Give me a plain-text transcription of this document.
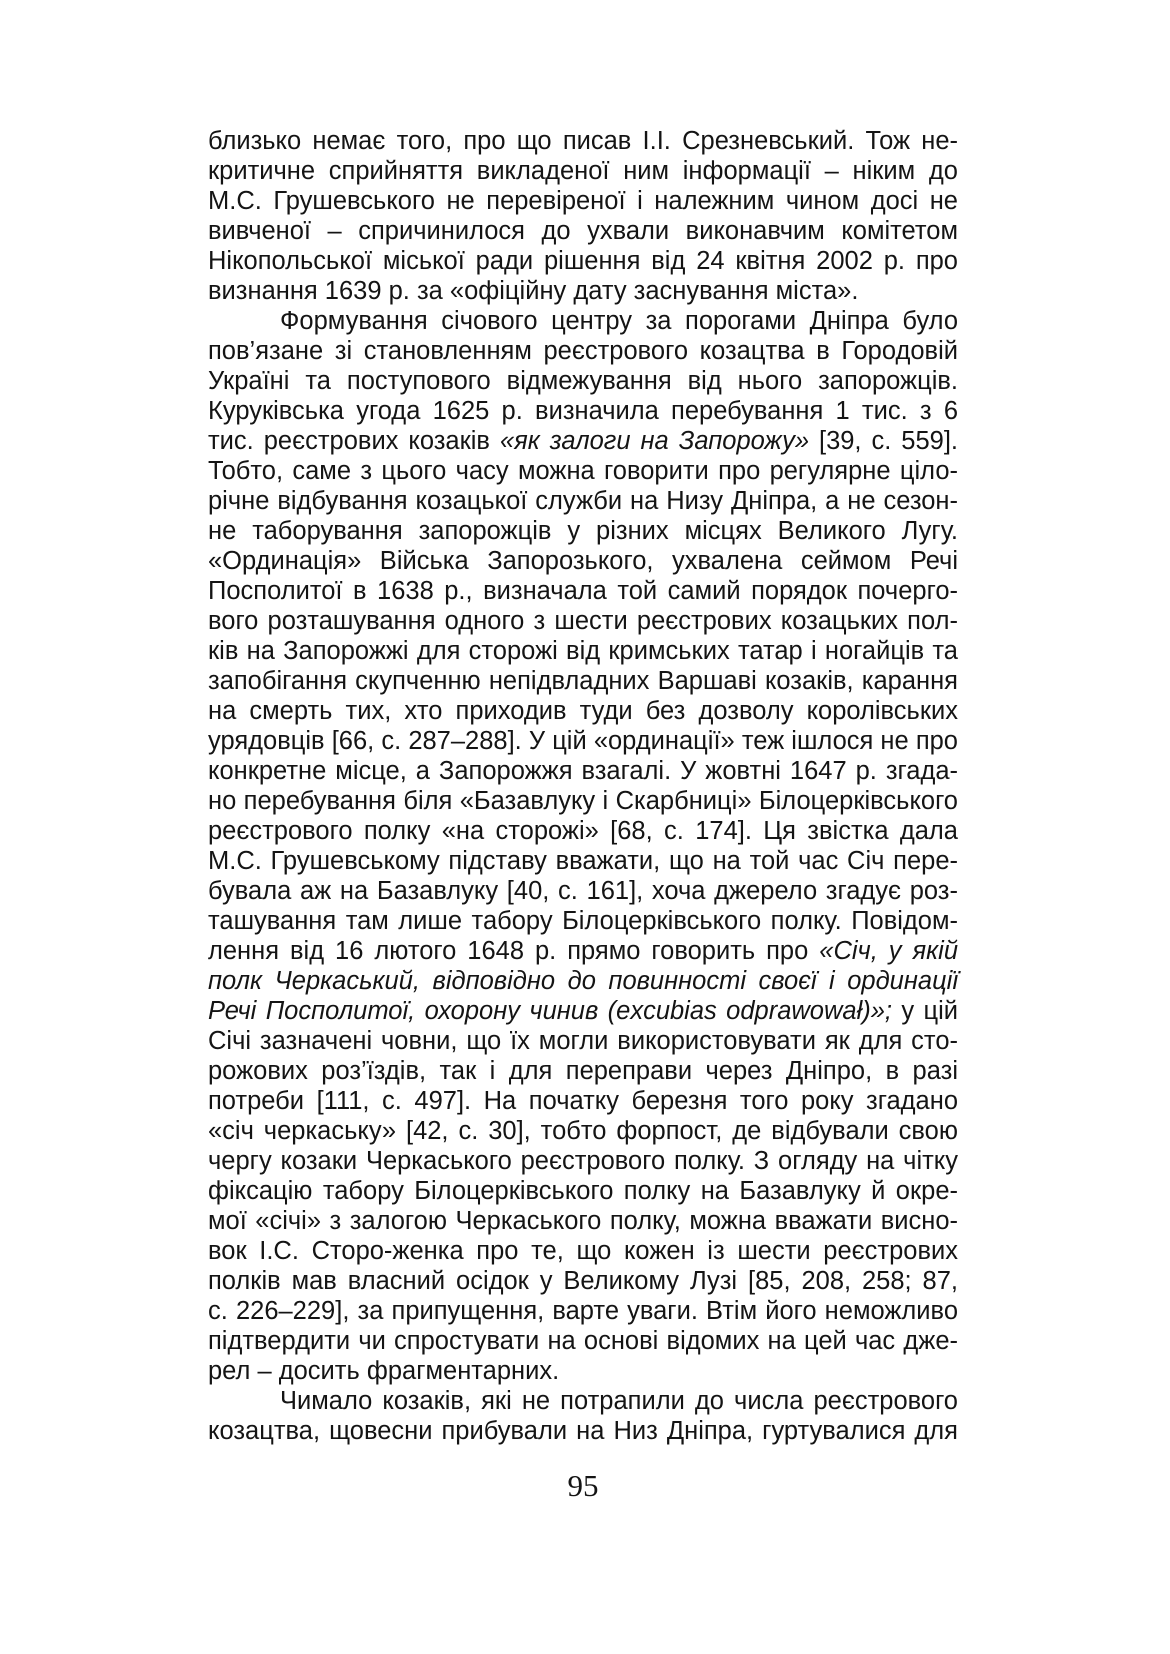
близько немає того, про що писав І.І. Срезневський. Тож не-
критичне сприйняття викладеної ним інформації – ніким до
М.С. Грушевського не перевіреної і належним чином досі не
вивченої – спричинилося до ухвали виконавчим комітетом
Нікопольської міської ради рішення від 24 квітня 2002 р. про
визнання 1639 р. за «офіційну дату заснування міста».
Формування січового центру за порогами Дніпра було
пов’язане зі становленням реєстрового козацтва в Городовій
Україні та поступового відмежування від нього запорожців.
Куруківська угода 1625 р. визначила перебування 1 тис. з 6
тис. реєстрових козаків «як залоги на Запорожу» [39, с. 559].
Тобто, саме з цього часу можна говорити про регулярне ціло-
річне відбування козацької служби на Низу Дніпра, а не сезон-
не таборування запорожців у різних місцях Великого Лугу.
«Ординація» Війська Запорозького, ухвалена сеймом Речі
Посполитої в 1638 р., визначала той самий порядок почерго-
вого розташування одного з шести реєстрових козацьких пол-
ків на Запорожжі для сторожі від кримських татар і ногайців та
запобігання скупченню непідвладних Варшаві козаків, карання
на смерть тих, хто приходив туди без дозволу королівських
урядовців [66, с. 287–288]. У цій «ординації» теж ішлося не про
конкретне місце, а Запорожжя взагалі. У жовтні 1647 р. згада-
но перебування біля «Базавлуку і Скарбниці» Білоцерківського
реєстрового полку «на сторожі» [68, с. 174]. Ця звістка дала
М.С. Грушевському підставу вважати, що на той час Січ пере-
бувала аж на Базавлуку [40, с. 161], хоча джерело згадує роз-
ташування там лише табору Білоцерківського полку. Повідом-
лення від 16 лютого 1648 р. прямо говорить про «Січ, у якій
полк Черкаський, відповідно до повинності своєї і ординації
Речі Посполитої, охорону чинив (excubias odprawował)»; у цій
Січі зазначені човни, що їх могли використовувати як для сто-
рожових роз’їздів, так і для переправи через Дніпро, в разі
потреби [111, с. 497]. На початку березня того року згадано
«січ черкаську» [42, с. 30], тобто форпост, де відбували свою
чергу козаки Черкаського реєстрового полку. З огляду на чітку
фіксацію табору Білоцерківського полку на Базавлуку й окре-
мої «січі» з залогою Черкаського полку, можна вважати висно-
вок І.С. Сторо-женка про те, що кожен із шести реєстрових
полків мав власний осідок у Великому Лузі [85, 208, 258; 87,
с. 226–229], за припущення, варте уваги. Втім його неможливо
підтвердити чи спростувати на основі відомих на цей час дже-
рел – досить фрагментарних.
Чимало козаків, які не потрапили до числа реєстрового
козацтва, щовесни прибували на Низ Дніпра, гуртувалися для
95
